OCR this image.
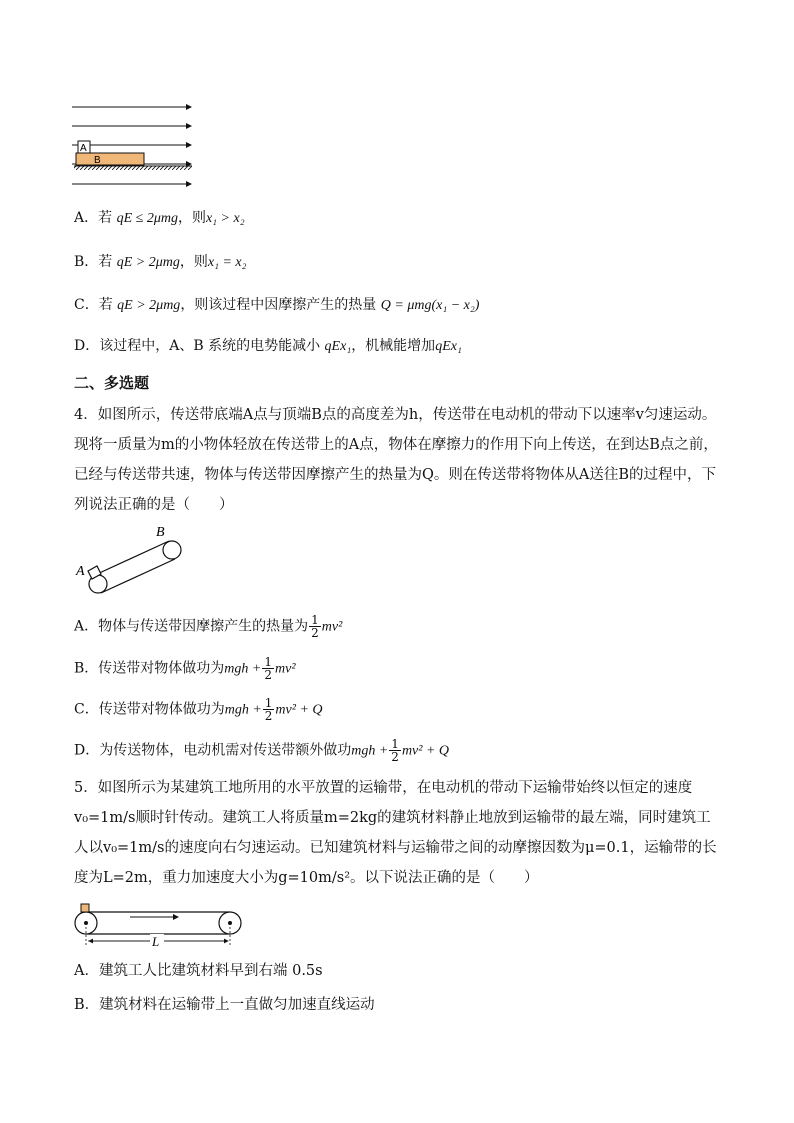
A
B
A．若 qE ≤ 2μmg，则x₁ > x₂
B．若 qE > 2μmg，则x₁ = x₂
C．若 qE > 2μmg，则该过程中因摩擦产生的热量 Q = μmg(x₁ − x₂)
D．该过程中，A、B 系统的电势能减小 qEx₁，机械能增加qEx₁
二、多选题
4．如图所示，传送带底端A点与顶端B点的高度差为h，传送带在电动机的带动下以速率v匀速运动。现将一质量为m的小物体轻放在传送带上的A点，物体在摩擦力的作用下向上传送，在到达B点之前，已经与传送带共速，物体与传送带因摩擦产生的热量为Q。则在传送带将物体从A送往B的过程中，下列说法正确的是（　　）
A
B
A．物体与传送带因摩擦产生的热量为 $\frac{1}{2} mv^2$
B．传送带对物体做功为mgh + $\frac{1}{2} mv^2$
C．传送带对物体做功为mgh + $\frac{1}{2} mv^2 + Q$
D．为传送物体，电动机需对传送带额外做功mgh + $\frac{1}{2} mv^2 + Q$
5．如图所示为某建筑工地所用的水平放置的运输带，在电动机的带动下运输带始终以恒定的速度v₀=1m/s顺时针传动。建筑工人将质量m=2kg的建筑材料静止地放到运输带的最左端，同时建筑工人以v₀=1m/s的速度向右匀速运动。已知建筑材料与运输带之间的动摩擦因数为μ=0.1，运输带的长度为L=2m，重力加速度大小为g=10m/s²。以下说法正确的是（　　）
L
A．建筑工人比建筑材料早到右端 0.5s
B．建筑材料在运输带上一直做匀加速直线运动
